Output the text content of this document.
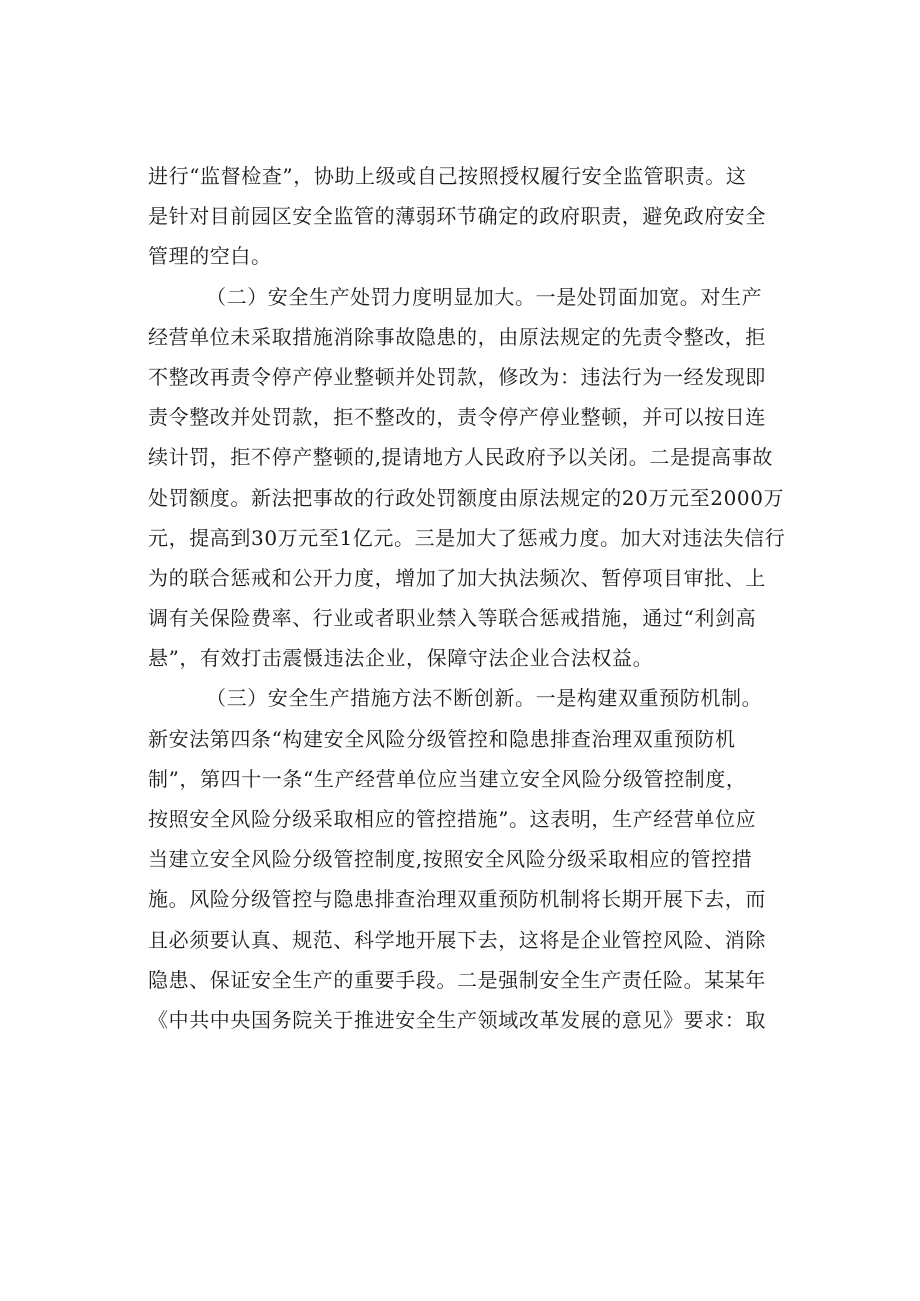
进行“监督检查”，协助上级或自己按照授权履行安全监管职责。这
是针对目前园区安全监管的薄弱环节确定的政府职责，避免政府安全
管理的空白。
（二）安全生产处罚力度明显加大。一是处罚面加宽。对生产
经营单位未采取措施消除事故隐患的，由原法规定的先责令整改，拒
不整改再责令停产停业整顿并处罚款，修改为：违法行为一经发现即
责令整改并处罚款，拒不整改的，责令停产停业整顿，并可以按日连
续计罚，拒不停产整顿的,提请地方人民政府予以关闭。二是提高事故
处罚额度。新法把事故的行政处罚额度由原法规定的20万元至2000万
元，提高到30万元至1亿元。三是加大了惩戒力度。加大对违法失信行
为的联合惩戒和公开力度，增加了加大执法频次、暂停项目审批、上
调有关保险费率、行业或者职业禁入等联合惩戒措施，通过“利剑高
悬”，有效打击震慑违法企业，保障守法企业合法权益。
（三）安全生产措施方法不断创新。一是构建双重预防机制。
新安法第四条“构建安全风险分级管控和隐患排查治理双重预防机
制”，第四十一条“生产经营单位应当建立安全风险分级管控制度，
按照安全风险分级采取相应的管控措施”。这表明，生产经营单位应
当建立安全风险分级管控制度,按照安全风险分级采取相应的管控措
施。风险分级管控与隐患排查治理双重预防机制将长期开展下去，而
且必须要认真、规范、科学地开展下去，这将是企业管控风险、消除
隐患、保证安全生产的重要手段。二是强制安全生产责任险。某某年
《中共中央国务院关于推进安全生产领域改革发展的意见》要求：取
